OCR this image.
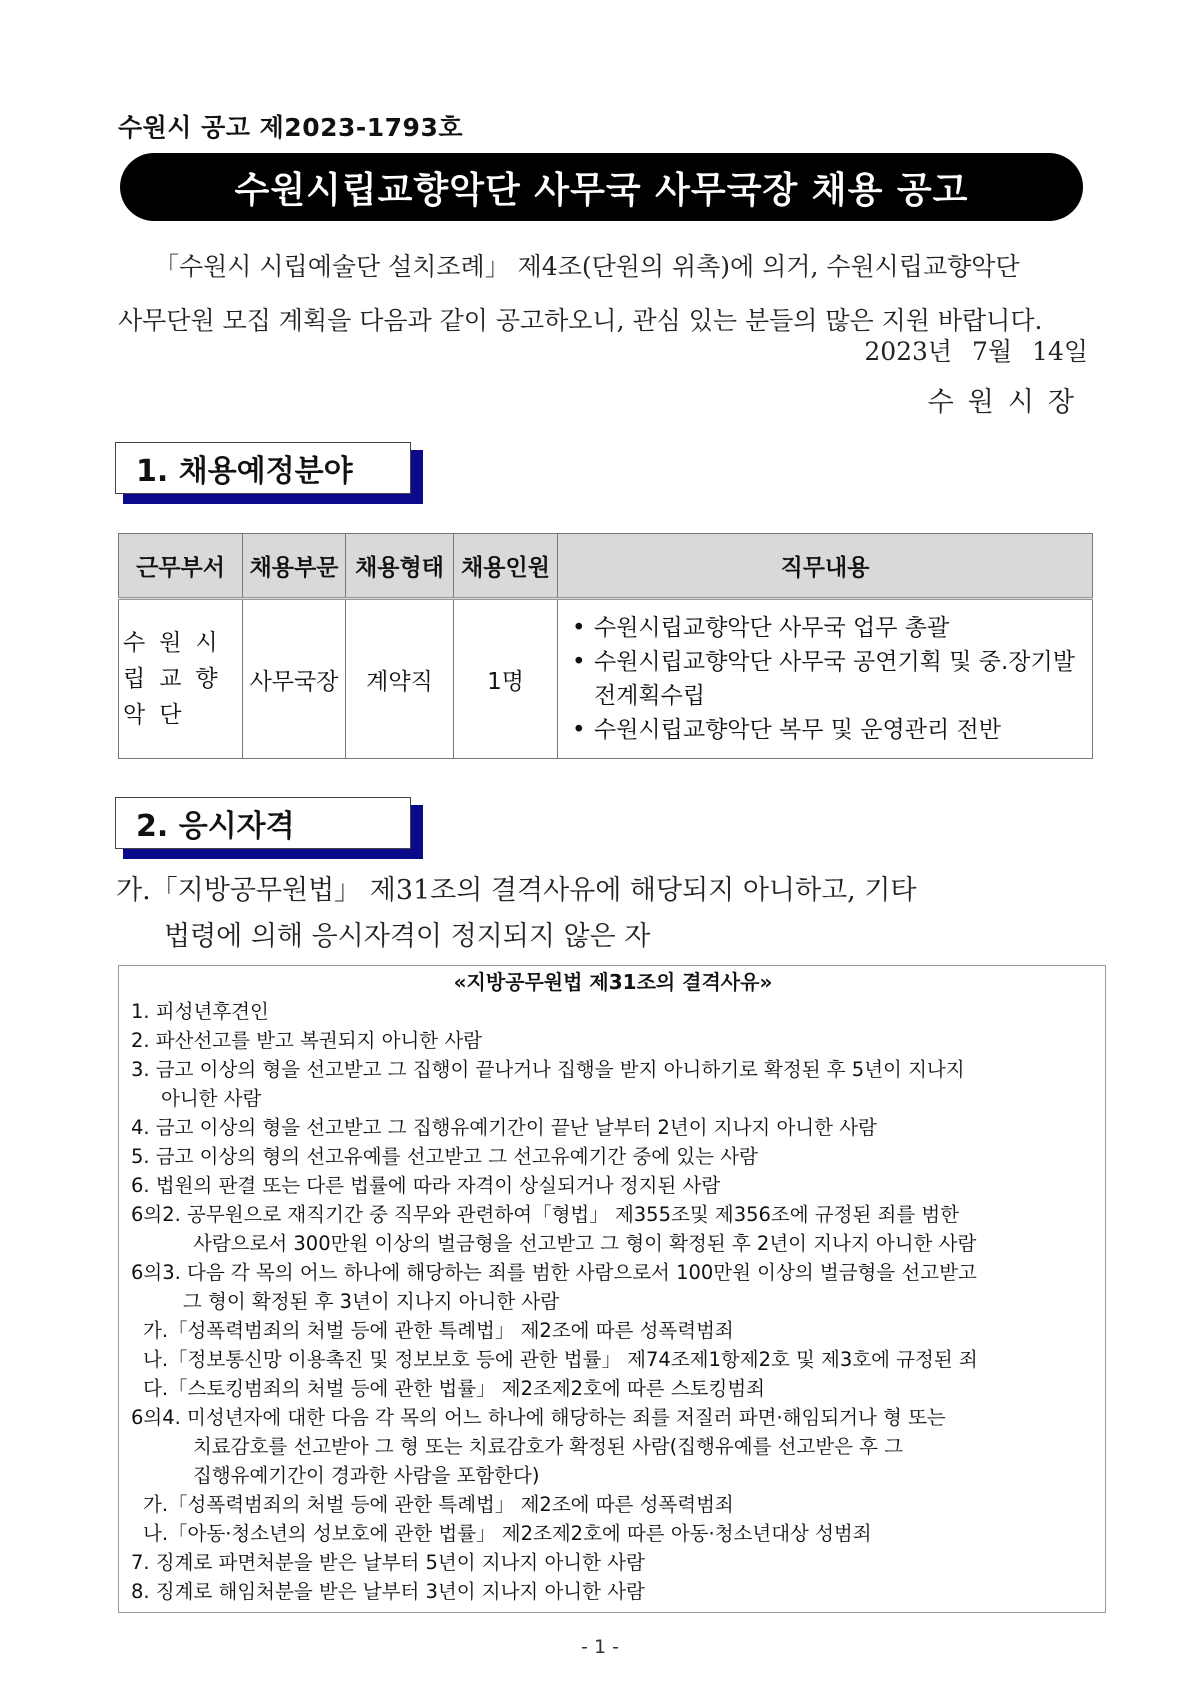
수원시 공고 제2023-1793호
수원시립교향악단 사무국 사무국장 채용 공고

「수원시 시립예술단 설치조례」 제4조(단원의 위촉)에 의거, 수원시립교향악단

사무단원 모집 계획을 다음과 같이 공고하오니, 관심 있는 분들의 많은 지원 바랍니다.

2023년 7월 14일
수원시장
1. 채용예정분야
근무부서	채용부문	채용형태	채용인원	직무내용
수원시립교향악단	사무국장	계약직	1명	
• 수원시립교향악단 사무국 업무 총괄
• 수원시립교향악단 사무국 공연기획 및 중.장기발전계획수립
• 수원시립교향악단 복무 및 운영관리 전반
2. 응시자격
가.「지방공무원법」 제31조의 결격사유에 해당되지 아니하고, 기타
법령에 의해 응시자격이 정지되지 않은 자
«지방공무원법 제31조의 결격사유»
1. 피성년후견인
2. 파산선고를 받고 복권되지 아니한 사람
3. 금고 이상의 형을 선고받고 그 집행이 끝나거나 집행을 받지 아니하기로 확정된 후 5년이 지나지
아니한 사람
4. 금고 이상의 형을 선고받고 그 집행유예기간이 끝난 날부터 2년이 지나지 아니한 사람
5. 금고 이상의 형의 선고유예를 선고받고 그 선고유예기간 중에 있는 사람
6. 법원의 판결 또는 다른 법률에 따라 자격이 상실되거나 정지된 사람
6의2. 공무원으로 재직기간 중 직무와 관련하여「형법」 제355조및 제356조에 규정된 죄를 범한
사람으로서 300만원 이상의 벌금형을 선고받고 그 형이 확정된 후 2년이 지나지 아니한 사람
6의3. 다음 각 목의 어느 하나에 해당하는 죄를 범한 사람으로서 100만원 이상의 벌금형을 선고받고
그 형이 확정된 후 3년이 지나지 아니한 사람
가.「성폭력범죄의 처벌 등에 관한 특례법」 제2조에 따른 성폭력범죄
나.「정보통신망 이용촉진 및 정보보호 등에 관한 법률」 제74조제1항제2호 및 제3호에 규정된 죄
다.「스토킹범죄의 처벌 등에 관한 법률」 제2조제2호에 따른 스토킹범죄
6의4. 미성년자에 대한 다음 각 목의 어느 하나에 해당하는 죄를 저질러 파면·해임되거나 형 또는
치료감호를 선고받아 그 형 또는 치료감호가 확정된 사람(집행유예를 선고받은 후 그
집행유예기간이 경과한 사람을 포함한다)
가.「성폭력범죄의 처벌 등에 관한 특례법」 제2조에 따른 성폭력범죄
나.「아동·청소년의 성보호에 관한 법률」 제2조제2호에 따른 아동·청소년대상 성범죄
7. 징계로 파면처분을 받은 날부터 5년이 지나지 아니한 사람
8. 징계로 해임처분을 받은 날부터 3년이 지나지 아니한 사람
- 1 -
